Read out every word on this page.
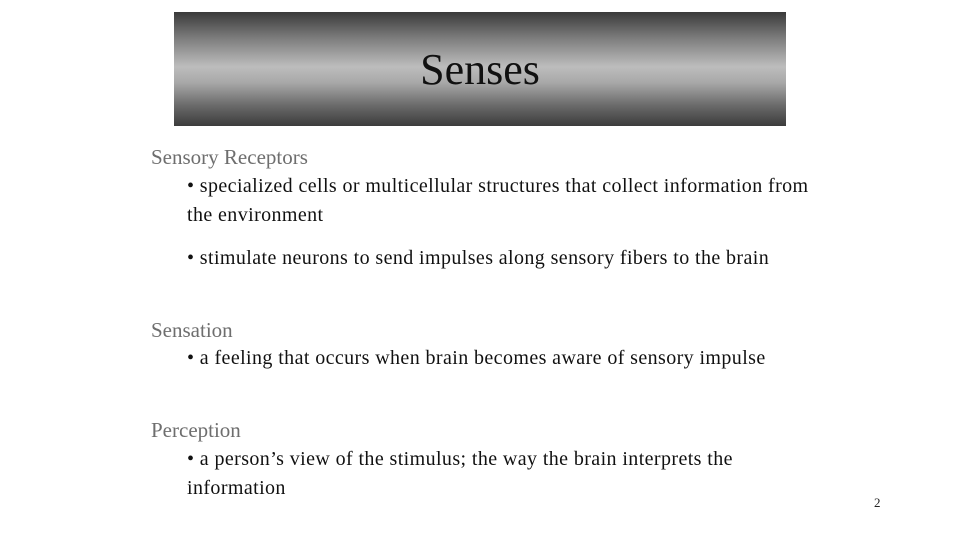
Senses
Sensory Receptors
• specialized cells or multicellular structures that collect information from the environment
• stimulate neurons to send impulses along sensory fibers to the brain
Sensation
• a feeling that occurs when brain becomes aware of sensory impulse
Perception
• a person’s view of the stimulus; the way the brain interprets the information
2
